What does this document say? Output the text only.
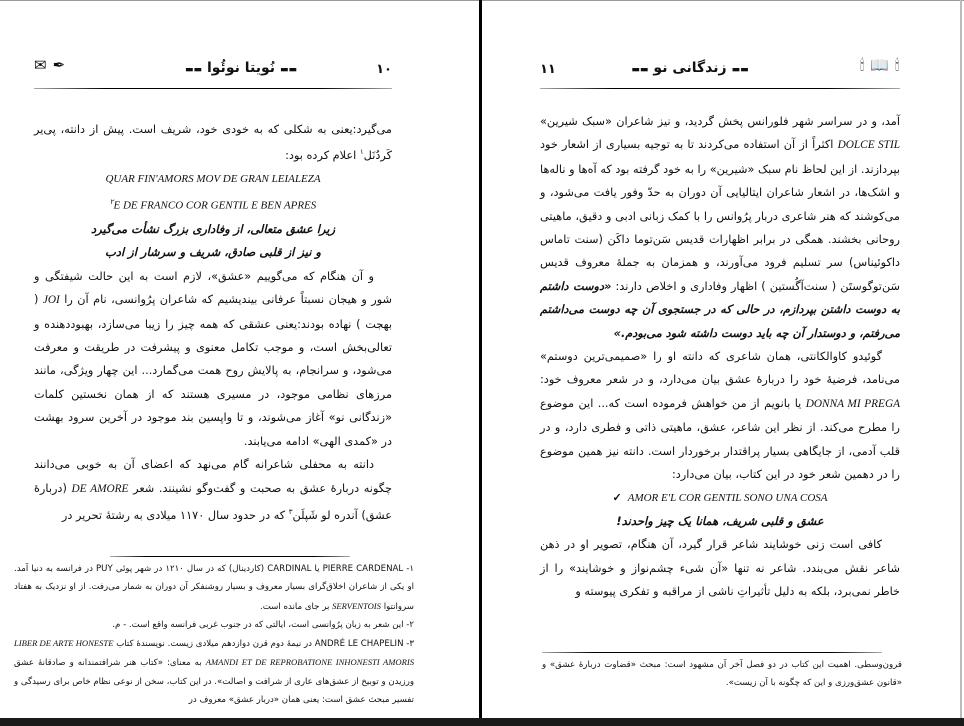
✉ ✒	۱۰
▬▬نُویتا نوئُوا▬▬

می‌گیرد:یعنی به شکلی که به خودی خود، شریف است. پیش از دانته، پی‌یر کَردُنَل$^۱$ اعلام کرده بود:

QUAR FIN'AMORS MOV DE GRAN LEIALEZA

$^۲$E DE FRANCO COR GENTIL E BEN APRES

زیرا عشق متعالی، از وفاداری بزرگ نشأت می‌گیرد

و نیز از قلبی صادق، شریف و سرشار از ادب

و آن هنگام که می‌گوییم «عشق»، لازم است به این حالت شیفتگی و شور و هیجان نسبتاً عرفانی بیندیشیم که شاعران پرُوانسی، نام آن را JOI ( بهجت ) نهاده بودند:یعنی عشقی که همه چیز را زیبا می‌سازد، بهبوددهنده و تعالی‌بخش است، و موجب تکامل معنوی و پیشرفت در طریقت و معرفت می‌شود، و سرانجام، به پالایش روح همت می‌گمارد... این چهار ویژگی، مانند مرزهای نظامی موجود، در مسیری هستند که از همان نخستین کلمات «زندگانی نو» آغاز می‌شوند، و تا واپسین بند موجود در آخرین سرود بهشت در «کمدی الهی» ادامه می‌یابند.

دانته به محفلی شاعرانه گام می‌نهد که اعضای آن به خوبی می‌دانند چگونه دربارهٔ عشق به صحبت و گفت‌وگو نشینند. شعر DE AMORE (دربارهٔ عشق) آندره لو شَپلَن$^۳$ که در حدود سال ۱۱۷۰ میلادی به رشتهٔ تحریر در

۱- PIERRE CARDENAL یا CARDINAL (کاردینال) که در سال ۱۲۱۰ در شهر پوئی PUY در فرانسه به دنیا آمد. او یکی از شاعران اخلاق‌گرای بسیار معروف و بسیار روشنفکر آن دوران به شمار می‌رفت. از او نزدیک به هفتاد سروانتوا SERVENTOIS بر جای مانده است.

۲- این شعر به زبان پرُوانسی است، ایالتی که در جنوب غربی فرانسه واقع است. - م.

۳- ANDRÉ LE CHAPELIN در نیمهٔ دوم قرن دوازدهم میلادی زیست. نویسندهٔ کتاب LIBER DE ARTE HONESTE AMANDI ET DE REPROBATIONE INHONESTI AMORIS به معنای: «کتاب هنر شرافتمندانه و صادقانهٔ عشق ورزیدن و توبیخ از عشق‌های عاری از شرافت و اصالت». در این کتاب، سخن از نوعی نظام خاص برای رسیدگی و تفسیر مبحث عشق است: یعنی همان «دربار عشق» معروف در

۱۱	▬▬زندگانی نو▬▬	🕯 📖 🕯

آمد، و در سراسر شهر فلورانس پخش گردید، و نیز شاعران «سبک شیرین» DOLCE STIL اکثراً از آن استفاده می‌کردند تا به توجیه بسیاری از اشعار خود بپردازند. از این لحاظ نام سبک «شیرین» را به خود گرفته بود که آه‌ها و ناله‌ها و اشک‌ها، در اشعار شاعران ایتالیایی آن دوران به حدّ وفور یافت می‌شود، و می‌کوشند که هنر شاعری دربار پرُوانس را با کمک زبانی ادبی و دقیق، ماهیتی روحانی بخشند. همگی در برابر اظهارات قدیس سَن‌توما داکَن (سنت تاماس داکوئیناس) سر تسلیم فرود می‌آورند، و همزمان به جملهٔ معروف قدیس سَن‌توگوستَن ( سنت‌آگُستین ) اظهار وفاداری و اخلاص دارند: «دوست داشتم به دوست داشتن بپردازم، در حالی که در جستجوی آن چه دوست می‌داشتم می‌رفتم، و دوستدار آن چه باید دوست داشته شود می‌بودم.»

گوئیدو کاوالکانتی، همان شاعری که دانته او را «صمیمی‌ترین دوستم» می‌نامد، فرضیهٔ خود را دربارهٔ عشق بیان می‌دارد، و در شعر معروف خود: DONNA MI PREGA یا بانویم از من خواهش فرموده است که... این موضوع را مطرح می‌کند. از نظر این شاعر، عشق، ماهیتی ذاتی و فطری دارد، و در قلب آدمی، از جایگاهی بسیار پراقتدار برخوردار است. دانته نیز همین موضوع را در دهمین شعر خود در این کتاب، بیان می‌دارد:

✓ AMOR E'L COR GENTIL SONO UNA COSA

عشق و قلبی شریف، همانا یک چیز واحدند!

کافی است زنی خوشایند شاعر قرار گیرد، آن هنگام، تصویر او در ذهن شاعر نقش می‌بندد. شاعر نه تنها «آن شیء چشم‌نواز و خوشایند» را از خاطر نمی‌برد، بلکه به دلیل تأثیراتِ ناشی از مراقبه و تفکری پیوسته و

قرون‌وسطی. اهمیت این کتاب در دو فصل آخر آن مشهود است: مبحث «قضاوت دربارهٔ عشق» و «قانون عشق‌ورزی و این که چگونه با آن زیست».
